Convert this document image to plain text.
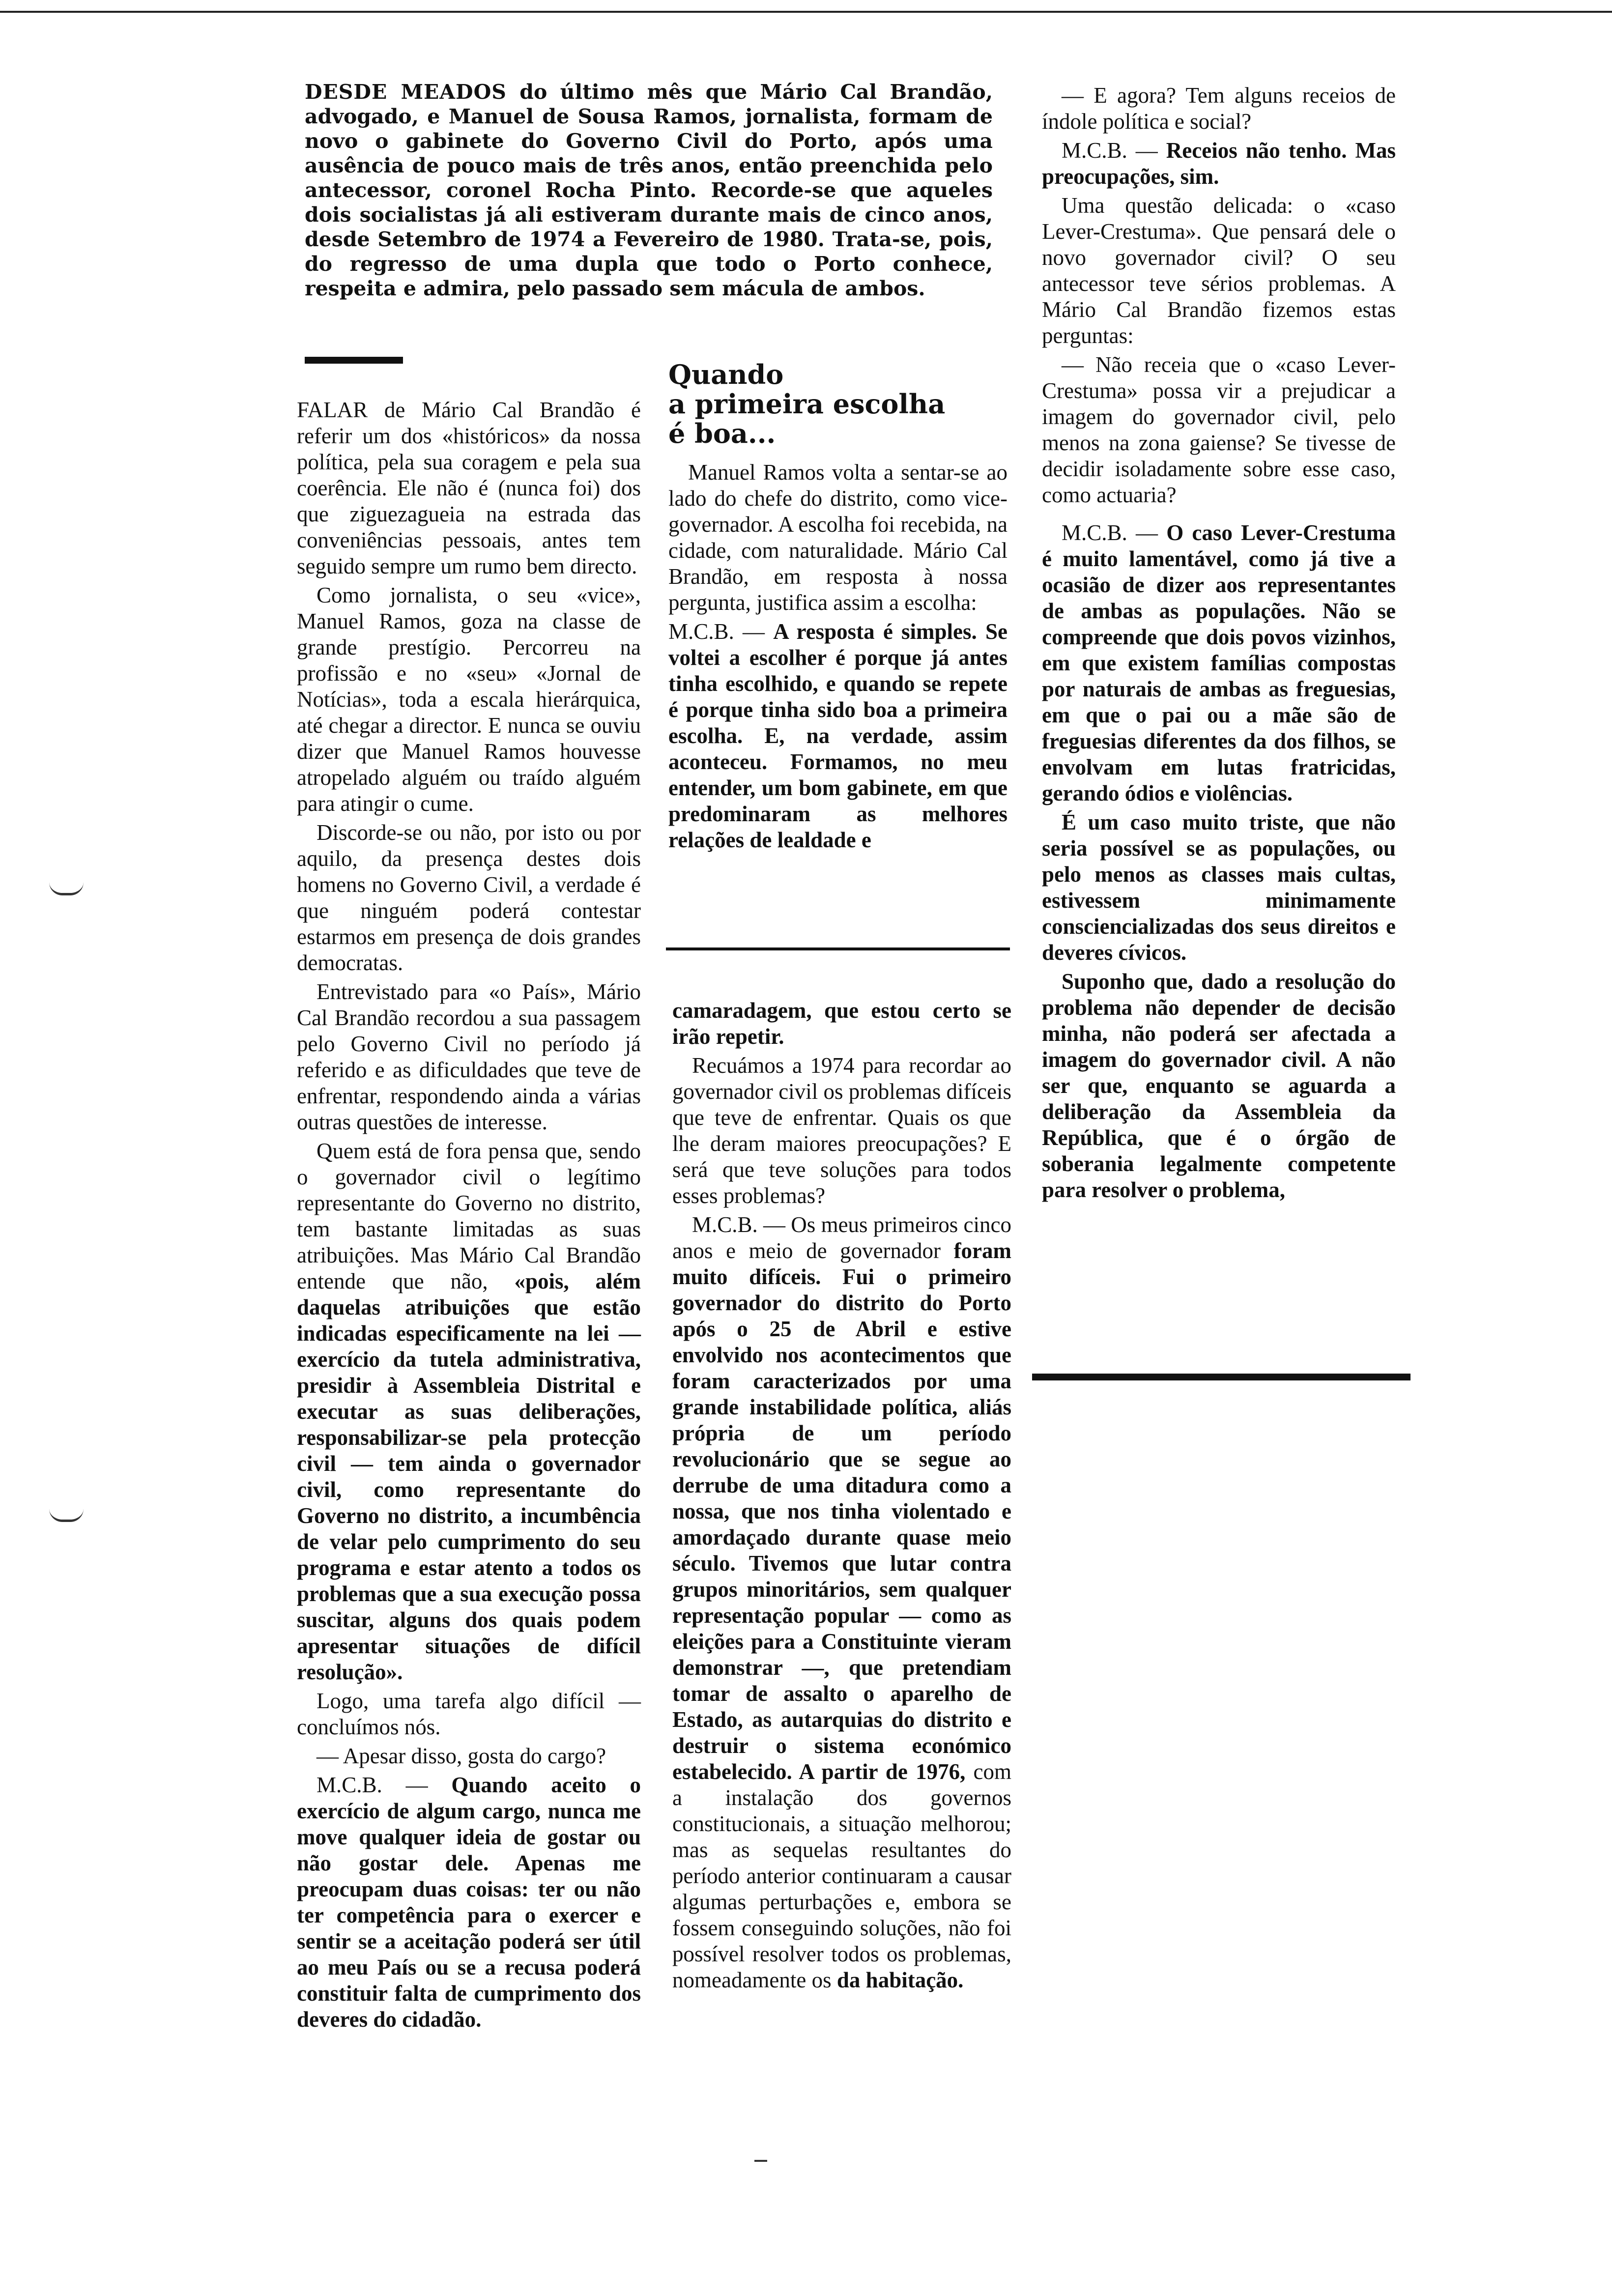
DESDE MEADOS do último mês que Mário Cal Brandão, advogado, e Manuel de Sousa Ramos, jornalista, formam de novo o gabinete do Governo Civil do Porto, após uma ausência de pouco mais de três anos, então preenchida pelo antecessor, coronel Rocha Pinto. Recorde-se que aqueles dois socialistas já ali estiveram durante mais de cinco anos, desde Setembro de 1974 a Fevereiro de 1980. Trata-se, pois, do regresso de uma dupla que todo o Porto conhece, respeita e admira, pelo passado sem mácula de ambos.
Quando
a primeira escolha
é boa...

FALAR de Mário Cal Brandão é referir um dos «históricos» da nossa política, pela sua coragem e pela sua coerência. Ele não é (nunca foi) dos que ziguezagueia na estrada das conveniências pessoais, antes tem seguido sempre um rumo bem directo.

Como jornalista, o seu «vice», Manuel Ramos, goza na classe de grande prestígio. Percorreu na profissão e no «seu» «Jornal de Notícias», toda a escala hierárquica, até chegar a director. E nunca se ouviu dizer que Manuel Ramos houvesse atropelado alguém ou traído alguém para atingir o cume.

Discorde-se ou não, por isto ou por aquilo, da presença destes dois homens no Governo Civil, a verdade é que ninguém poderá contestar estarmos em presença de dois grandes democratas.

Entrevistado para «o País», Mário Cal Brandão recordou a sua passagem pelo Governo Civil no período já referido e as dificuldades que teve de enfrentar, respondendo ainda a várias outras questões de interesse.

Quem está de fora pensa que, sendo o governador civil o legítimo representante do Governo no distrito, tem bastante limitadas as suas atribuições. Mas Mário Cal Brandão entende que não, «pois, além daquelas atribuições que estão indicadas especificamente na lei — exercício da tutela administrativa, presidir à Assembleia Distrital e executar as suas deliberações, responsabilizar-se pela protecção civil — tem ainda o governador civil, como representante do Governo no distrito, a incumbência de velar pelo cumprimento do seu programa e estar atento a todos os problemas que a sua execução possa suscitar, alguns dos quais podem apresentar situações de difícil resolução».

Logo, uma tarefa algo difícil — concluímos nós.

— Apesar disso, gosta do cargo?

M.C.B. — Quando aceito o exercício de algum cargo, nunca me move qualquer ideia de gostar ou não gostar dele. Apenas me preocupam duas coisas: ter ou não ter competência para o exercer e sentir se a aceitação poderá ser útil ao meu País ou se a recusa poderá constituir falta de cumprimento dos deveres do cidadão.

Manuel Ramos volta a sentar-se ao lado do chefe do distrito, como vice-governador. A escolha foi recebida, na cidade, com naturalidade. Mário Cal Brandão, em resposta à nossa pergunta, justifica assim a escolha:

M.C.B. — A resposta é simples. Se voltei a escolher é porque já antes tinha escolhido, e quando se repete é porque tinha sido boa a primeira escolha. E, na verdade, assim aconteceu. Formamos, no meu entender, um bom gabinete, em que predominaram as melhores relações de lealdade e

camaradagem, que estou certo se irão repetir.

Recuámos a 1974 para recordar ao governador civil os problemas difíceis que teve de enfrentar. Quais os que lhe deram maiores preocupações? E será que teve soluções para todos esses problemas?

M.C.B. — Os meus primeiros cinco anos e meio de governador foram muito difíceis. Fui o primeiro governador do distrito do Porto após o 25 de Abril e estive envolvido nos acontecimentos que foram caracterizados por uma grande instabilidade política, aliás própria de um período revolucionário que se segue ao derrube de uma ditadura como a nossa, que nos tinha violentado e amordaçado durante quase meio século. Tivemos que lutar contra grupos minoritários, sem qualquer representação popular — como as eleições para a Constituinte vieram demonstrar —, que pretendiam tomar de assalto o aparelho de Estado, as autarquias do distrito e destruir o sistema económico estabelecido. A partir de 1976, com a instalação dos governos constitucionais, a situação melhorou; mas as sequelas resultantes do período anterior continuaram a causar algumas perturbações e, embora se fossem conseguindo soluções, não foi possível resolver todos os problemas, nomeadamente os da habitação.

— E agora? Tem alguns receios de índole política e social?

M.C.B. — Receios não tenho. Mas preocupações, sim.

Uma questão delicada: o «caso Lever-Crestuma». Que pensará dele o novo governador civil? O seu antecessor teve sérios problemas. A Mário Cal Brandão fizemos estas perguntas:

— Não receia que o «caso Lever-Crestuma» possa vir a prejudicar a imagem do governador civil, pelo menos na zona gaiense? Se tivesse de decidir isoladamente sobre esse caso, como actuaria?

M.C.B. — O caso Lever-Crestuma é muito lamentável, como já tive a ocasião de dizer aos representantes de ambas as populações. Não se compreende que dois povos vizinhos, em que existem famílias compostas por naturais de ambas as freguesias, em que o pai ou a mãe são de freguesias diferentes da dos filhos, se envolvam em lutas fratricidas, gerando ódios e violências.

É um caso muito triste, que não seria possível se as populações, ou pelo menos as classes mais cultas, estivessem minimamente consciencializadas dos seus direitos e deveres cívicos.

Suponho que, dado a resolução do problema não depender de decisão minha, não poderá ser afectada a imagem do governador civil. A não ser que, enquanto se aguarda a deliberação da Assembleia da República, que é o órgão de soberania legalmente competente para resolver o problema,
